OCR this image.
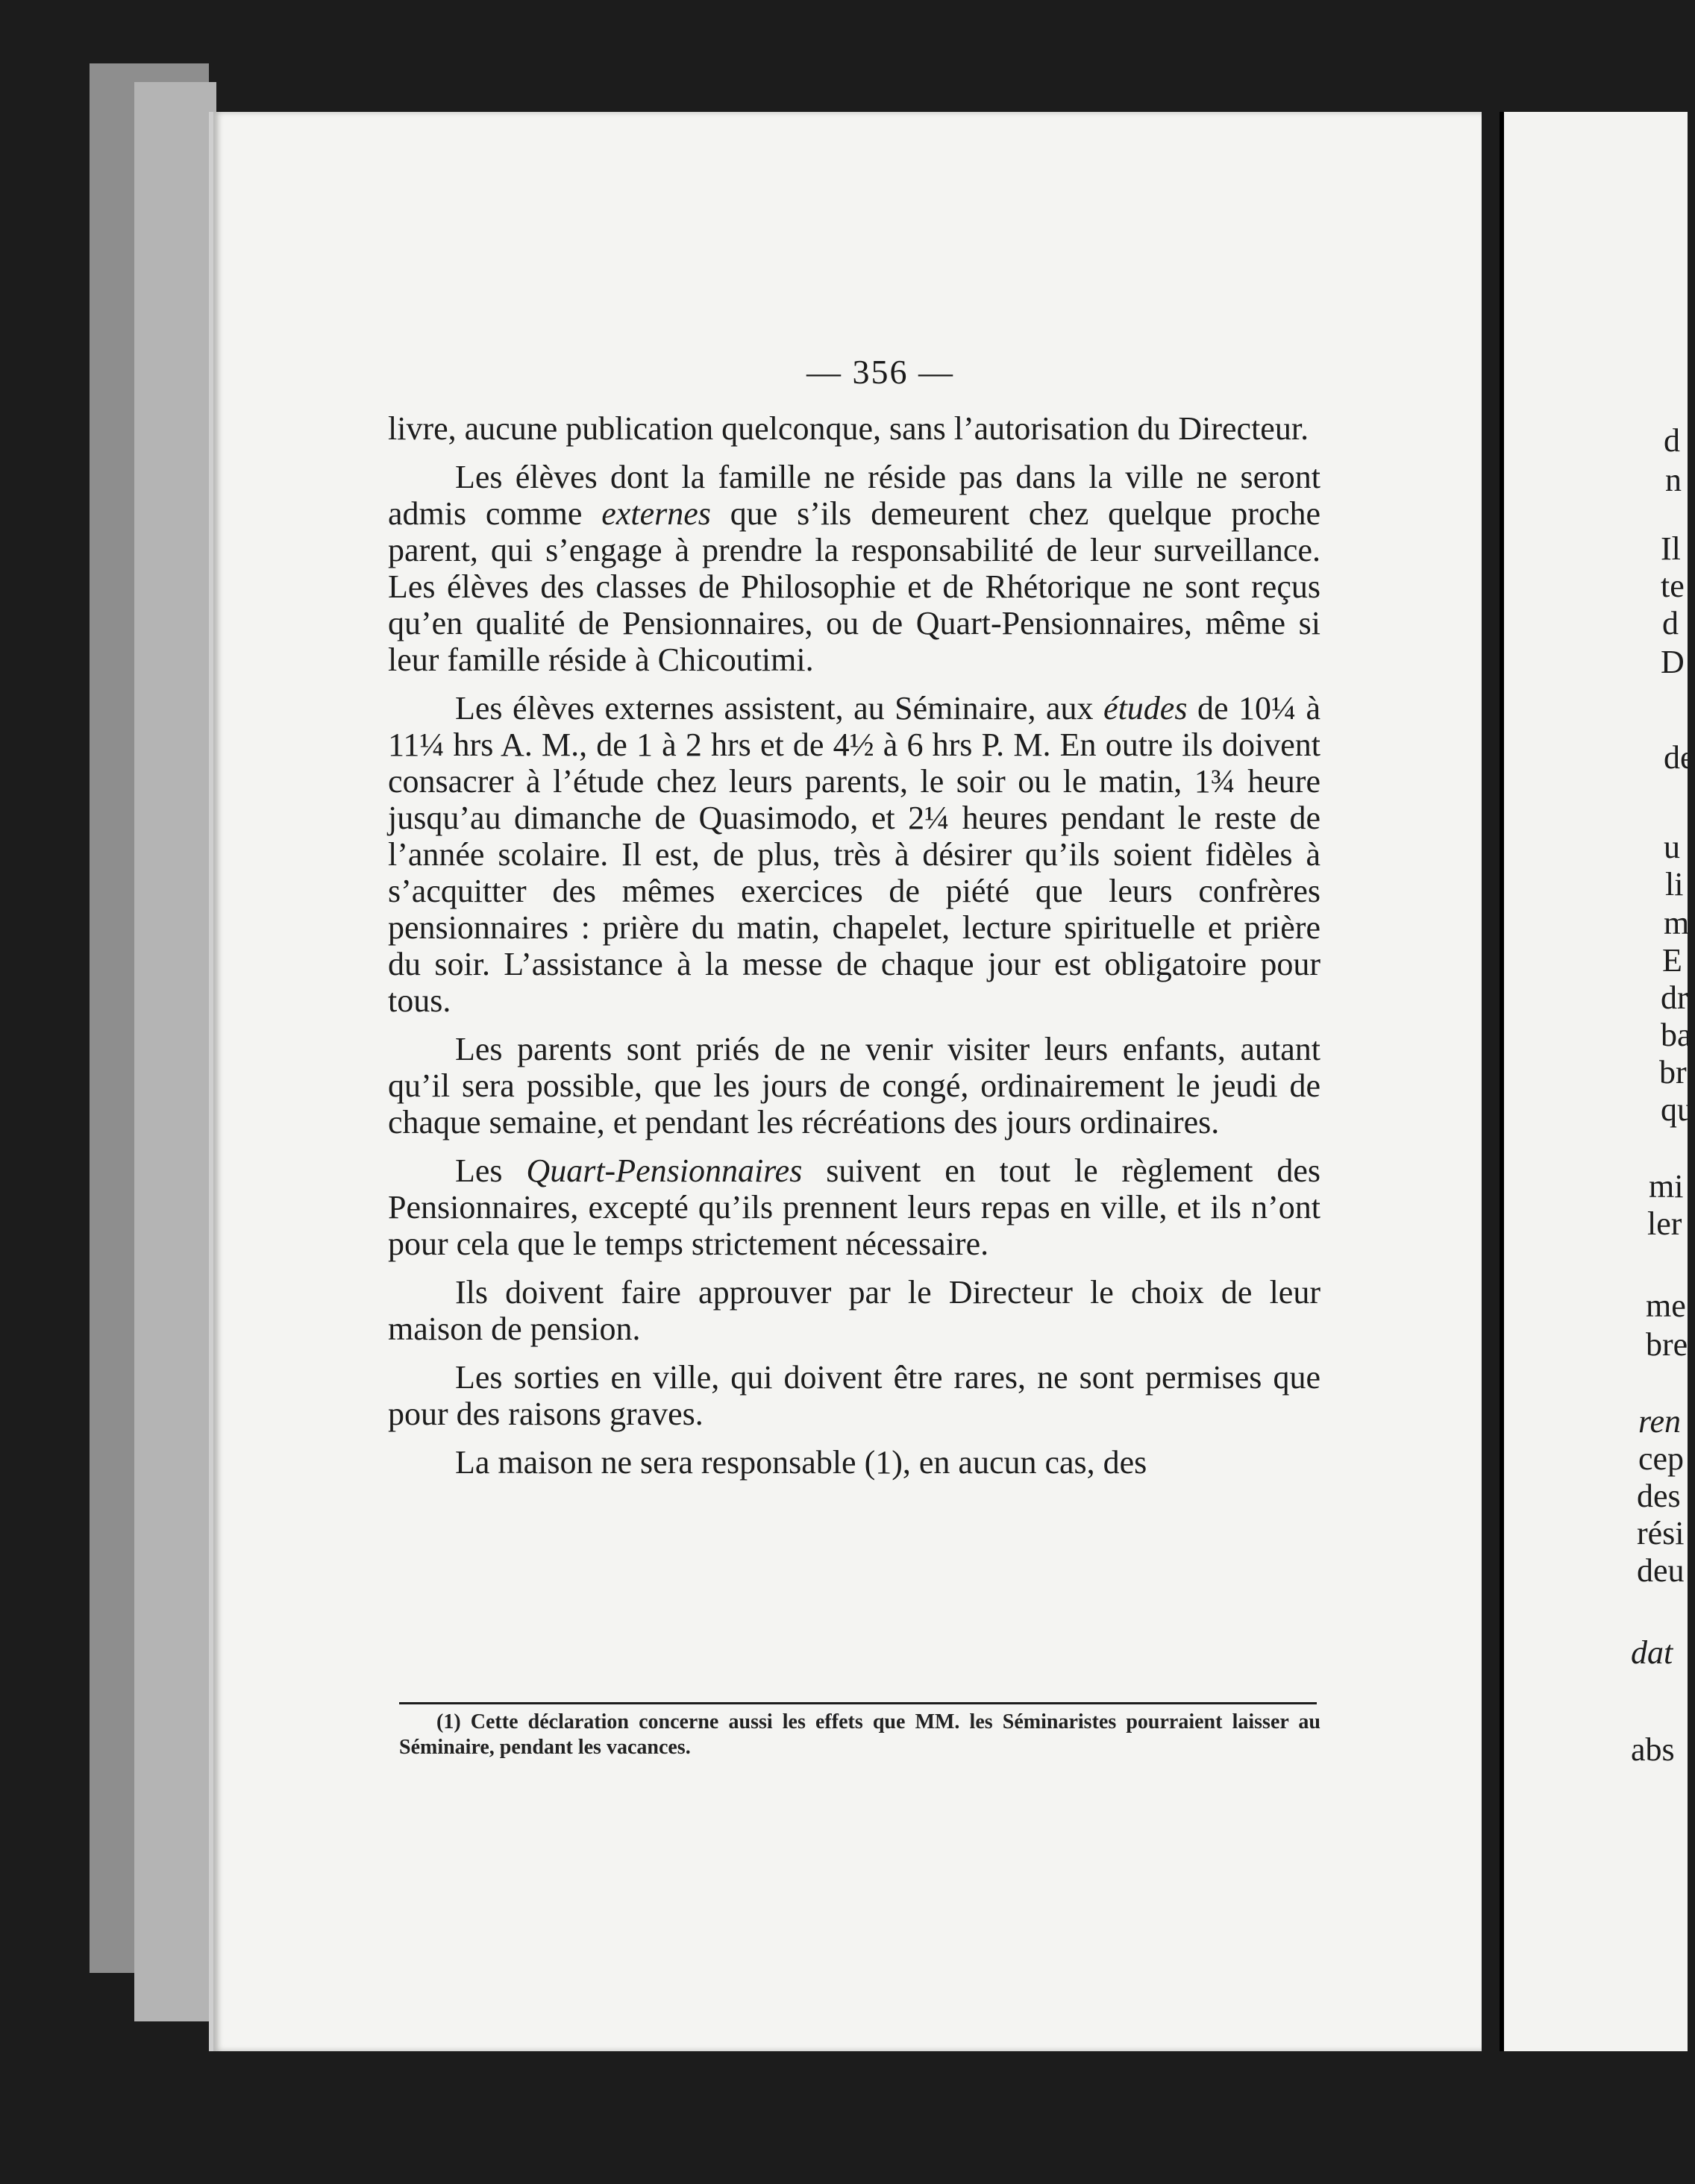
— 356 —

livre, aucune publication quelconque, sans l’autorisation du Directeur.

Les élèves dont la famille ne réside pas dans la ville ne seront admis comme externes que s’ils demeurent chez quelque proche parent, qui s’engage à prendre la responsabilité de leur surveillance. Les élèves des classes de Philosophie et de Rhétorique ne sont reçus qu’en qualité de Pensionnaires, ou de Quart-Pensionnaires, même si leur famille réside à Chicoutimi.

Les élèves externes assistent, au Séminaire, aux études de 10¼ à 11¼ hrs A. M., de 1 à 2 hrs et de 4½ à 6 hrs P. M. En outre ils doivent consacrer à l’étude chez leurs parents, le soir ou le matin, 1¾ heure jusqu’au dimanche de Quasimodo, et 2¼ heures pendant le reste de l’année scolaire. Il est, de plus, très à désirer qu’ils soient fidèles à s’acquitter des mêmes exercices de piété que leurs confrères pensionnaires : prière du matin, chapelet, lecture spirituelle et prière du soir. L’assistance à la messe de chaque jour est obligatoire pour tous.

Les parents sont priés de ne venir visiter leurs enfants, autant qu’il sera possible, que les jours de congé, ordinairement le jeudi de chaque semaine, et pendant les récréations des jours ordinaires.

Les Quart-Pensionnaires suivent en tout le règlement des Pensionnaires, excepté qu’ils prennent leurs repas en ville, et ils n’ont pour cela que le temps strictement nécessaire.

Ils doivent faire approuver par le Directeur le choix de leur maison de pension.

Les sorties en ville, qui doivent être rares, ne sont permises que pour des raisons graves.

La maison ne sera responsable (1), en aucun cas, des

(1) Cette déclaration concerne aussi les effets que MM. les Séminaristes pourraient laisser au Séminaire, pendant les vacances.
d
n
Il
te
d
D
de
u
li
m
E
dr
ba
br
qu
mi
ler
me
bre
ren
cep
des
rési
deu
dat
abs
